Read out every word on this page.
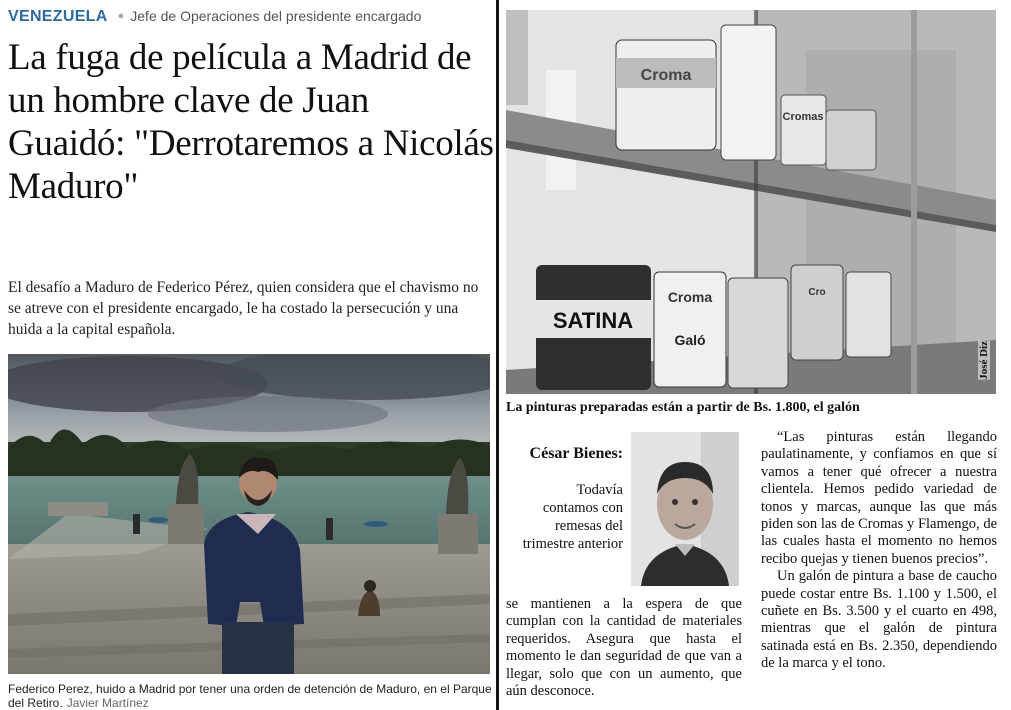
VENEZUELA ● Jefe de Operaciones del presidente encargado
La fuga de película a Madrid de un hombre clave de Juan Guaidó: "Derrotaremos a Nicolás Maduro"

El desafío a Maduro de Federico Pérez, quien considera que el chavismo no se atreve con el presidente encargado, le ha costado la persecución y una huida a la capital española.

Federico Perez, huido a Madrid por tener una orden de detención de Maduro, en el Parque del Retiro. Javier Martínez

Croma
Cromas
SATINA
Croma
Galó
Cro
José Diz

La pinturas preparadas están a partir de Bs. 1.800, el galón

César Bienes:

Todavía contamos con remesas del trimestre anterior

se mantienen a la espera de que cumplan con la cantidad de materiales requeridos. Asegura que hasta el momento le dan seguridad de que van a llegar, solo que con un aumento, que aún desconoce.

“Las pinturas están llegando paulatinamente, y confiamos en que sí vamos a tener qué ofrecer a nuestra clientela. Hemos pedido variedad de tonos y marcas, aunque las que más piden son las de Cromas y Flamengo, de las cuales hasta el momento no hemos recibo quejas y tienen buenos precios”.

Un galón de pintura a base de caucho puede costar entre Bs. 1.100 y 1.500, el cuñete en Bs. 3.500 y el cuarto en 498, mientras que el galón de pintura satinada está en Bs. 2.350, dependiendo de la marca y el tono.
